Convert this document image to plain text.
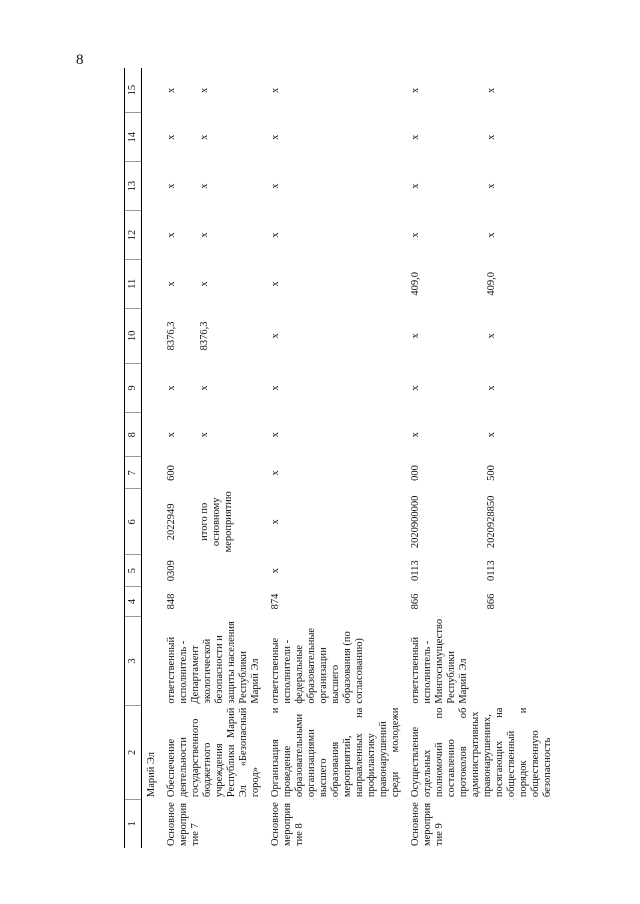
8
1	2	3	4	5	6	7	8	9	10	11	12	13	14	15
	Марий Эл													
Основное мероприятие 7	Обеспечение деятельности государственного бюджетного учреждения Республики Марий Эл «Безопасный город»	ответственный исполнитель - Департамент экологической безопасности и защиты населения Республики Марий Эл	848	0309	2022949	600	х	х	8376,3	х	х	х	х	х
					итого по основному мероприятию		х	х	8376,3	х	х	х	х	х
Основное мероприятие 8	Организация и проведение образовательными организациями высшего образования мероприятий, направленных на профилактику правонарушений среди молодежи	ответственные исполнители - федеральные образовательные организации высшего образования (по согласованию)	874	х	х	х	х	х	х	х	х	х	х	х
Основное мероприятие 9	Осуществление отдельных полномочий по составлению протоколов об административных правонарушениях, посягающих на общественный порядок и общественную безопасность	ответственный исполнитель - Мингосимущество Республики Марий Эл	866	0113	2020900000	000	х	х	х	409,0	х	х	х	х
			866	0113	2020928850	500	х	х	х	409,0	х	х	х	х
